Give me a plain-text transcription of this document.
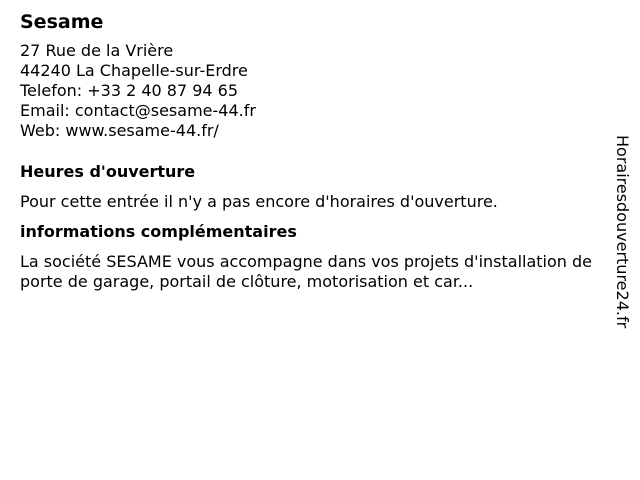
Sesame
27 Rue de la Vrière
44240 La Chapelle-sur-Erdre
Telefon: +33 2 40 87 94 65
Email: contact@sesame-44.fr
Web: www.sesame-44.fr/
Heures d'ouverture
Pour cette entrée il n'y a pas encore d'horaires d'ouverture.
informations complémentaires
La société SESAME vous accompagne dans vos projets d'installation de porte de garage, portail de clôture, motorisation et car...	Horairesdouverture24.fr
